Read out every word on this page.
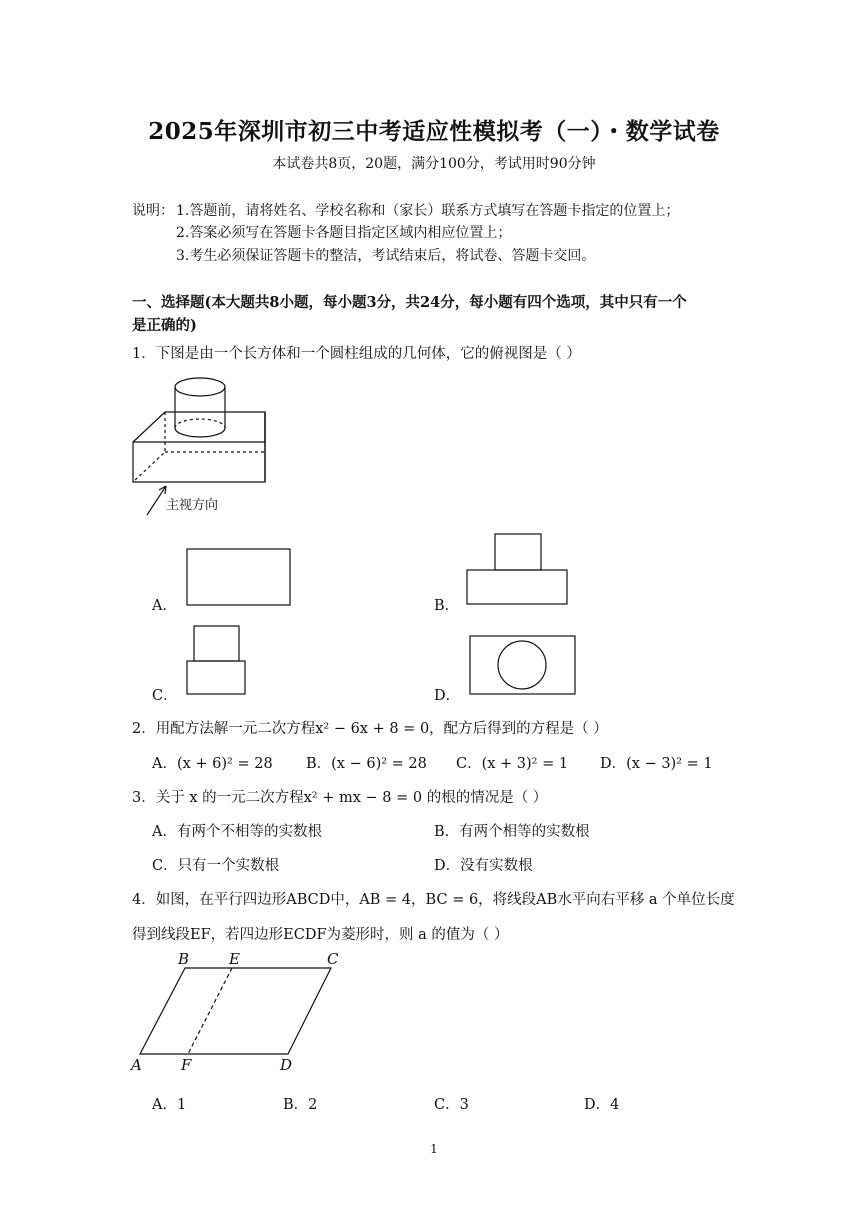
2025年深圳市初三中考适应性模拟考（一）・数学试卷
本试卷共8页，20题，满分100分，考试用时90分钟
说明： 1.答题前，请将姓名、学校名称和（家长）联系方式填写在答题卡指定的位置上；
2.答案必须写在答题卡各题目指定区域内相应位置上；
3.考生必须保证答题卡的整洁，考试结束后，将试卷、答题卡交回。
一、选择题(本大题共8小题，每小题3分，共24分，每小题有四个选项，其中只有一个
是正确的)
1．下图是由一个长方体和一个圆柱组成的几何体，它的俯视图是（ ）
主视方向
A．	B．
C．	D．
2．用配方法解一元二次方程x² − 6x + 8 = 0，配方后得到的方程是（ ）
A．(x + 6)² = 28 B．(x − 6)² = 28 C．(x + 3)² = 1 D．(x − 3)² = 1
3．关于 x 的一元二次方程x² + mx − 8 = 0 的根的情况是（ ）
A．有两个不相等的实数根	B．有两个相等的实数根
C．只有一个实数根	D．没有实数根
4．如图，在平行四边形ABCD中，AB = 4，BC = 6，将线段AB水平向右平移 a 个单位长度
得到线段EF，若四边形ECDF为菱形时，则 a 的值为（ ）
B	E	C
A	F	D
A．1	B．2	C．3	D．4
1
